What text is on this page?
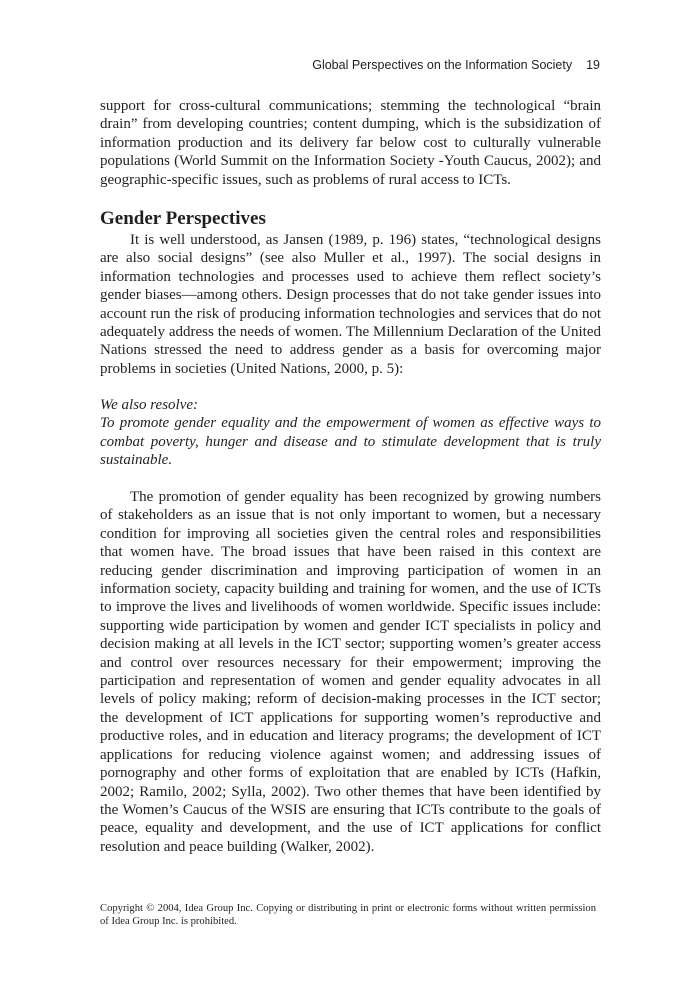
Global Perspectives on the Information Society 19

support for cross-cultural communications; stemming the technological “brain drain” from developing countries; content dumping, which is the subsidization of information production and its delivery far below cost to culturally vulnerable populations (World Summit on the Information Society -Youth Caucus, 2002); and geographic-specific issues, such as problems of rural access to ICTs.

Gender Perspectives

It is well understood, as Jansen (1989, p. 196) states, “technological designs are also social designs” (see also Muller et al., 1997). The social designs in information technologies and processes used to achieve them reflect society’s gender biases—among others. Design processes that do not take gender issues into account run the risk of producing information technologies and services that do not adequately address the needs of women. The Millennium Declaration of the United Nations stressed the need to address gender as a basis for overcoming major problems in societies (United Nations, 2000, p. 5):

We also resolve:

To promote gender equality and the empowerment of women as effective ways to combat poverty, hunger and disease and to stimulate development that is truly sustainable.

The promotion of gender equality has been recognized by growing numbers of stakeholders as an issue that is not only important to women, but a necessary condition for improving all societies given the central roles and responsibilities that women have. The broad issues that have been raised in this context are reducing gender discrimination and improving participation of women in an information society, capacity building and training for women, and the use of ICTs to improve the lives and livelihoods of women worldwide. Specific issues include: supporting wide participation by women and gender ICT specialists in policy and decision making at all levels in the ICT sector; supporting women’s greater access and control over resources necessary for their empowerment; improving the participation and representation of women and gender equality advocates in all levels of policy making; reform of decision-making processes in the ICT sector; the development of ICT applications for supporting women’s reproductive and productive roles, and in education and literacy programs; the development of ICT applications for reducing violence against women; and addressing issues of pornography and other forms of exploitation that are enabled by ICTs (Hafkin, 2002; Ramilo, 2002; Sylla, 2002). Two other themes that have been identified by the Women’s Caucus of the WSIS are ensuring that ICTs contribute to the goals of peace, equality and development, and the use of ICT applications for conflict resolution and peace building (Walker, 2002).

Copyright © 2004, Idea Group Inc. Copying or distributing in print or electronic forms without written permission of Idea Group Inc. is prohibited.
